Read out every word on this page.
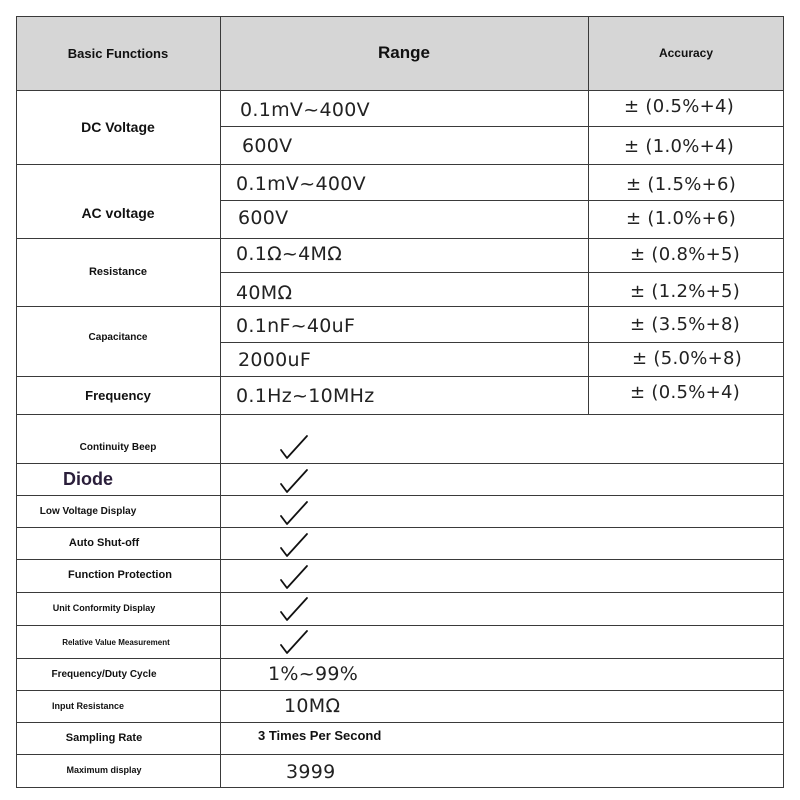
Basic Functions	Range	Accuracy
DC Voltage
AC voltage
Resistance
Capacitance
Frequency
0.1mV~400V
600V
0.1mV~400V
600V
0.1Ω~4MΩ
40MΩ
0.1nF~40uF
2000uF
0.1Hz~10MHz
± (0.5%+4)
± (1.0%+4)
± (1.5%+6)
± (1.0%+6)
± (0.8%+5)
± (1.2%+5)
± (3.5%+8)
± (5.0%+8)
± (0.5%+4)
Continuity Beep
Diode
Low Voltage Display
Auto Shut-off
Function Protection
Unit Conformity Display
Relative Value Measurement
Frequency/Duty Cycle
Input Resistance
Sampling Rate
Maximum display
1%~99%
10MΩ
3 Times Per Second
3999
